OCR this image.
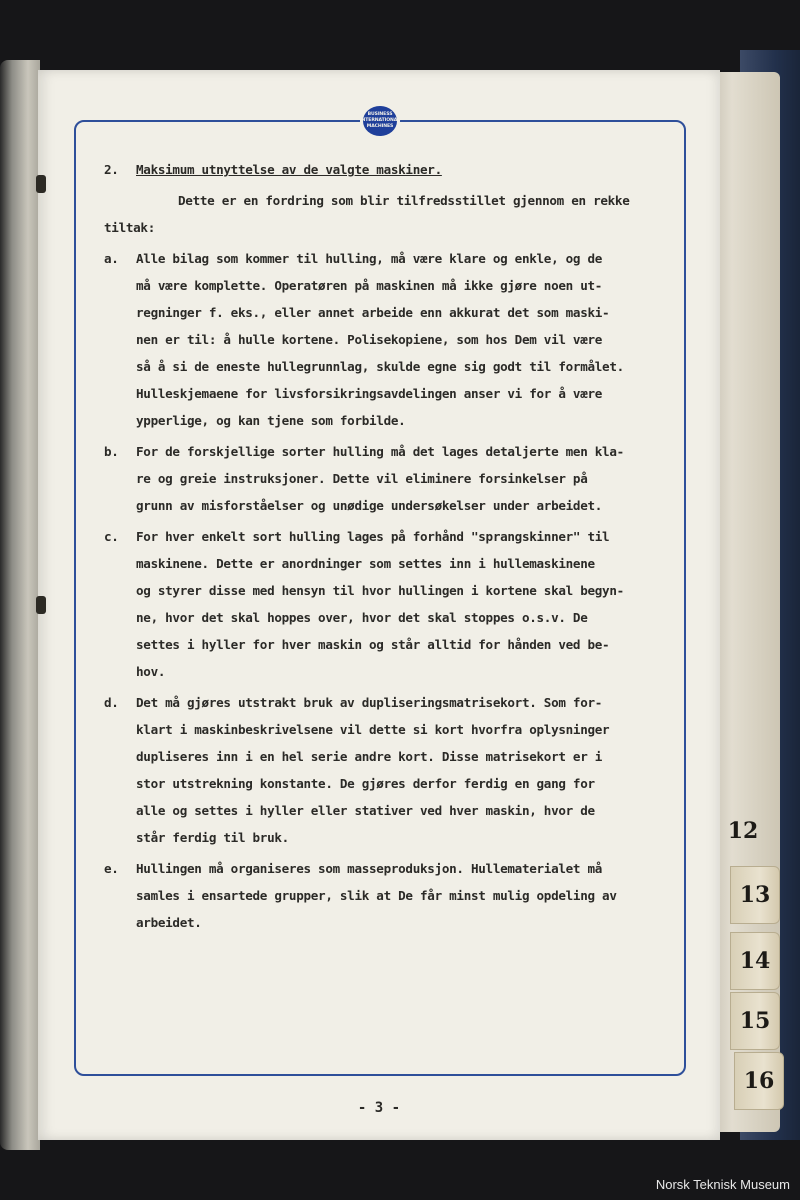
12
13
14
15
16
BUSINESS
INTERNATIONAL
MACHINES
2.	Maksimum utnyttelse av de valgte maskiner.
Dette er en fordring som blir tilfredsstillet gjennom en rekke
tiltak:
a.	Alle bilag som kommer til hulling, må være klare og enkle, og de
må være komplette. Operatøren på maskinen må ikke gjøre noen ut-
regninger f. eks., eller annet arbeide enn akkurat det som maski-
nen er til: å hulle kortene. Polisekopiene, som hos Dem vil være
så å si de eneste hullegrunnlag, skulde egne sig godt til formålet.
Hulleskjemaene for livsforsikringsavdelingen anser vi for å være
ypperlige, og kan tjene som forbilde.
b.	For de forskjellige sorter hulling må det lages detaljerte men kla-
re og greie instruksjoner. Dette vil eliminere forsinkelser på
grunn av misforståelser og unødige undersøkelser under arbeidet.
c.	For hver enkelt sort hulling lages på forhånd "sprangskinner" til
maskinene. Dette er anordninger som settes inn i hullemaskinene
og styrer disse med hensyn til hvor hullingen i kortene skal begyn-
ne, hvor det skal hoppes over, hvor det skal stoppes o.s.v. De
settes i hyller for hver maskin og står alltid for hånden ved be-
hov.
d.	Det må gjøres utstrakt bruk av dupliseringsmatrisekort. Som for-
klart i maskinbeskrivelsene vil dette si kort hvorfra oplysninger
dupliseres inn i en hel serie andre kort. Disse matrisekort er i
stor utstrekning konstante. De gjøres derfor ferdig en gang for
alle og settes i hyller eller stativer ved hver maskin, hvor de
står ferdig til bruk.
e.	Hullingen må organiseres som masseproduksjon. Hullematerialet må
samles i ensartede grupper, slik at De får minst mulig opdeling av
arbeidet.
- 3 -
Norsk Teknisk Museum
